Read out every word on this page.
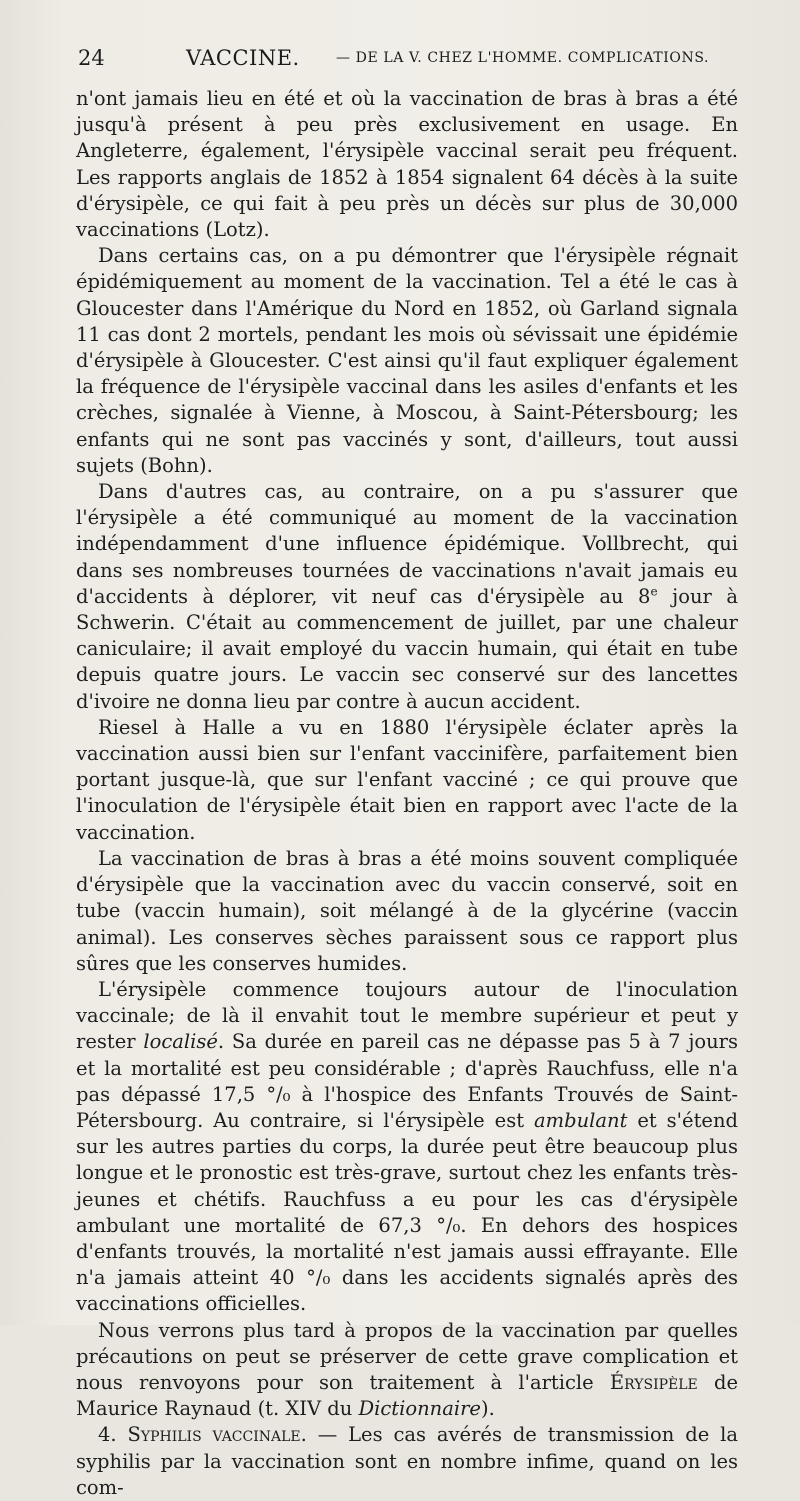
24	VACCINE.	— DE LA V. CHEZ L'HOMME. COMPLICATIONS.

n'ont jamais lieu en été et où la vaccination de bras à bras a été jusqu'à présent à peu près exclusivement en usage. En Angleterre, également, l'érysipèle vaccinal serait peu fréquent. Les rapports anglais de 1852 à 1854 signalent 64 décès à la suite d'érysipèle, ce qui fait à peu près un décès sur plus de 30,000 vaccinations (Lotz).

Dans certains cas, on a pu démontrer que l'érysipèle régnait épidémiquement au moment de la vaccination. Tel a été le cas à Gloucester dans l'Amérique du Nord en 1852, où Garland signala 11 cas dont 2 mortels, pendant les mois où sévissait une épidémie d'érysipèle à Gloucester. C'est ainsi qu'il faut expliquer également la fréquence de l'érysipèle vaccinal dans les asiles d'enfants et les crèches, signalée à Vienne, à Moscou, à Saint-Pétersbourg; les enfants qui ne sont pas vaccinés y sont, d'ailleurs, tout aussi sujets (Bohn).

Dans d'autres cas, au contraire, on a pu s'assurer que l'érysipèle a été communiqué au moment de la vaccination indépendamment d'une influence épidémique. Vollbrecht, qui dans ses nombreuses tournées de vaccinations n'avait jamais eu d'accidents à déplorer, vit neuf cas d'érysipèle au 8e jour à Schwerin. C'était au commencement de juillet, par une chaleur caniculaire; il avait employé du vaccin humain, qui était en tube depuis quatre jours. Le vaccin sec conservé sur des lancettes d'ivoire ne donna lieu par contre à aucun accident.

Riesel à Halle a vu en 1880 l'érysipèle éclater après la vaccination aussi bien sur l'enfant vaccinifère, parfaitement bien portant jusque-là, que sur l'enfant vacciné ; ce qui prouve que l'inoculation de l'érysipèle était bien en rapport avec l'acte de la vaccination.

La vaccination de bras à bras a été moins souvent compliquée d'érysipèle que la vaccination avec du vaccin conservé, soit en tube (vaccin humain), soit mélangé à de la glycérine (vaccin animal). Les conserves sèches paraissent sous ce rapport plus sûres que les conserves humides.

L'érysipèle commence toujours autour de l'inoculation vaccinale; de là il envahit tout le membre supérieur et peut y rester localisé. Sa durée en pareil cas ne dépasse pas 5 à 7 jours et la mortalité est peu considérable ; d'après Rauchfuss, elle n'a pas dépassé 17,5 °/₀ à l'hospice des Enfants Trouvés de Saint-Pétersbourg. Au contraire, si l'érysipèle est ambulant et s'étend sur les autres parties du corps, la durée peut être beaucoup plus longue et le pronostic est très-grave, surtout chez les enfants très-jeunes et chétifs. Rauchfuss a eu pour les cas d'érysipèle ambulant une mortalité de 67,3 °/₀. En dehors des hospices d'enfants trouvés, la mortalité n'est jamais aussi effrayante. Elle n'a jamais atteint 40 °/₀ dans les accidents signalés après des vaccinations officielles.

Nous verrons plus tard à propos de la vaccination par quelles précautions on peut se préserver de cette grave complication et nous renvoyons pour son traitement à l'article Érysipèle de Maurice Raynaud (t. XIV du Dictionnaire).

4. Syphilis vaccinale. — Les cas avérés de transmission de la syphilis par la vaccination sont en nombre infime, quand on les com-
